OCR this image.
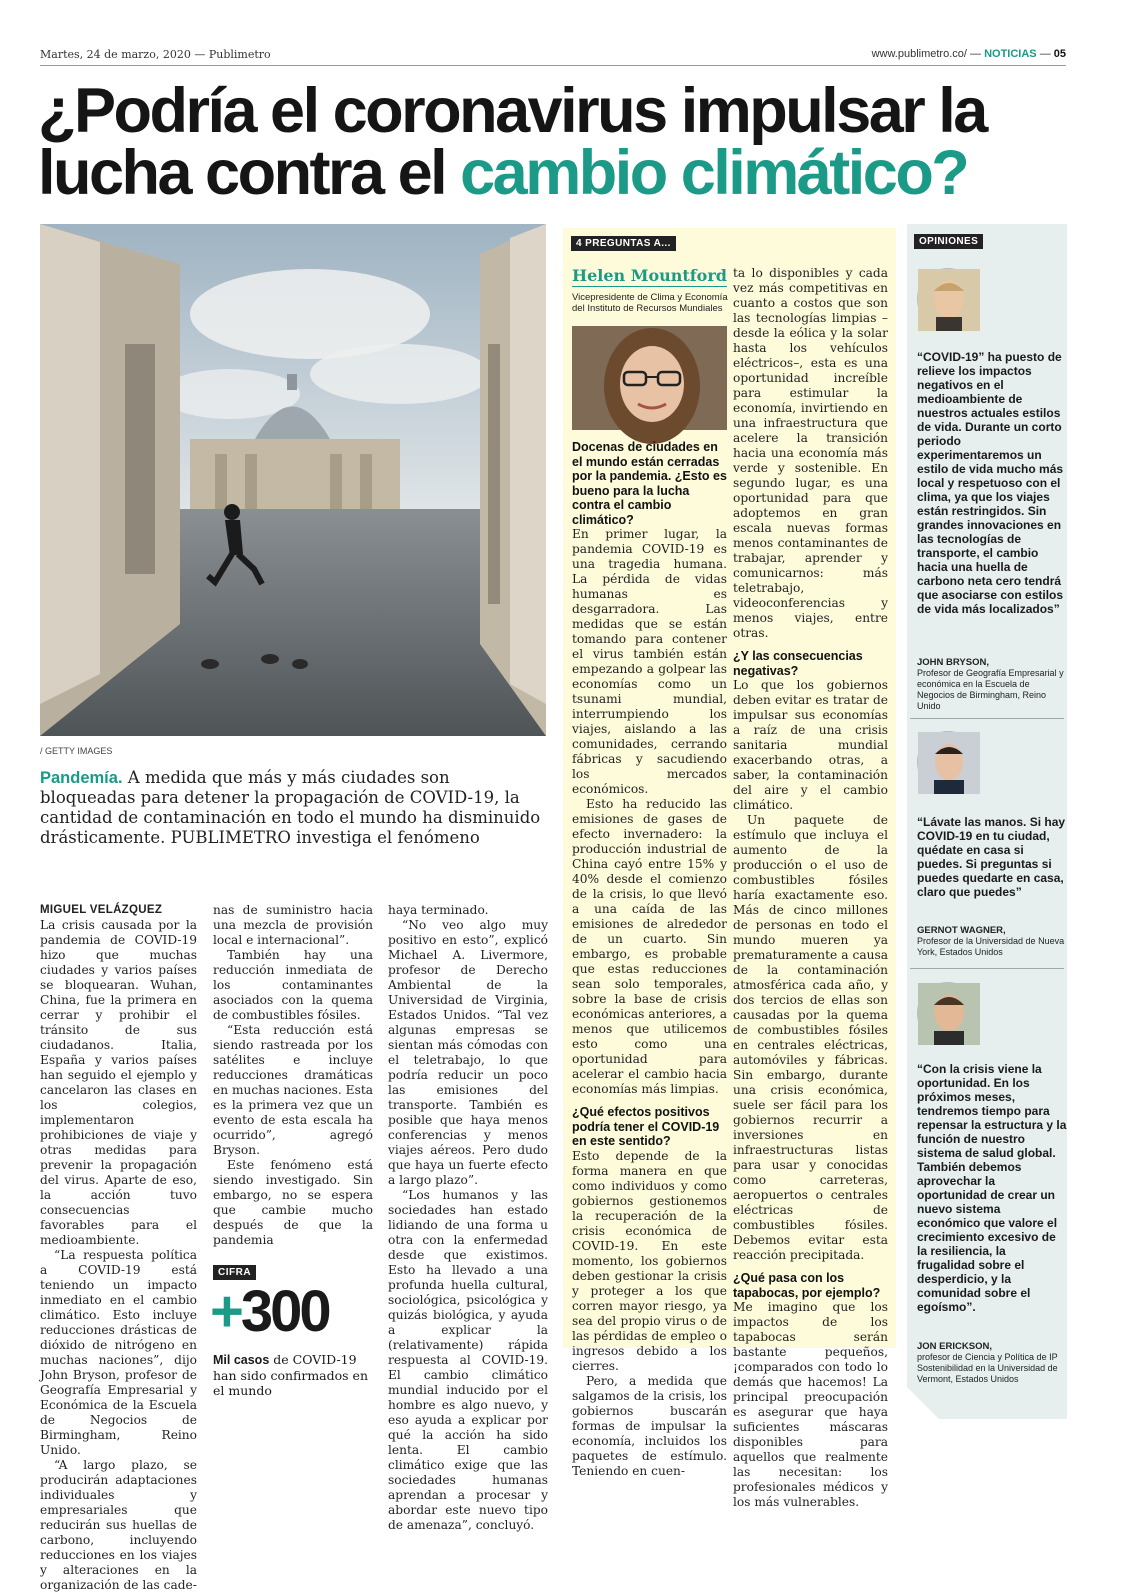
Martes, 24 de marzo, 2020 — Publimetro	www.publimetro.co/ — NOTICIAS — 05
¿Podría el coronavirus impulsar la lucha contra el cambio climático?
/ GETTY IMAGES

Pandemía. A medida que más y más ciudades son bloqueadas para detener la propagación de COVID-19, la cantidad de contaminación en todo el mundo ha disminuido drásticamente. PUBLIMETRO investiga el fenómeno

MIGUEL VELÁZQUEZ

La crisis causada por la pandemia de COVID-19 hizo que muchas ciudades y varios países se bloquearan. Wuhan, China, fue la primera en cerrar y prohibir el tránsito de sus ciudadanos. Italia, España y varios países han seguido el ejemplo y cancelaron las clases en los colegios, implementaron prohibiciones de viaje y otras medidas para prevenir la propagación del virus. Aparte de eso, la acción tuvo consecuencias favorables para el medioambiente.

“La respuesta política a COVID-19 está teniendo un impacto inmediato en el cambio climático. Esto incluye reducciones drásticas de dióxido de nitrógeno en muchas naciones”, dijo John Bryson, profesor de Geografía Empresarial y Económica de la Escuela de Negocios de Birmingham, Reino Unido.

“A largo plazo, se producirán adaptaciones individuales y empresariales que reducirán sus huellas de carbono, incluyendo reducciones en los viajes y alteraciones en la organización de las cade-

nas de suministro hacia una mezcla de provisión local e internacional”.

También hay una reducción inmediata de los contaminantes asociados con la quema de combustibles fósiles.

“Esta reducción está siendo rastreada por los satélites e incluye reducciones dramáticas en muchas naciones. Esta es la primera vez que un evento de esta escala ha ocurrido”, agregó Bryson.

Este fenómeno está siendo investigado. Sin embargo, no se espera que cambie mucho después de que la pandemia

CIFRA
+300

Mil casos de COVID-19 han sido confirmados en el mundo

haya terminado.

“No veo algo muy positivo en esto”, explicó Michael A. Livermore, profesor de Derecho Ambiental de la Universidad de Virginia, Estados Unidos. “Tal vez algunas empresas se sientan más cómodas con el teletrabajo, lo que podría reducir un poco las emisiones del transporte. También es posible que haya menos conferencias y menos viajes aéreos. Pero dudo que haya un fuerte efecto a largo plazo”.

“Los humanos y las sociedades han estado lidiando de una forma u otra con la enfermedad desde que existimos. Esto ha llevado a una profunda huella cultural, sociológica, psicológica y quizás biológica, y ayuda a explicar la (relativamente) rápida respuesta al COVID-19. El cambio climático mundial inducido por el hombre es algo nuevo, y eso ayuda a explicar por qué la acción ha sido lenta. El cambio climático exige que las sociedades humanas aprendan a procesar y abordar este nuevo tipo de amenaza”, concluyó.

4 PREGUNTAS A...
Helen Mountford
Vicepresidente de Clima y Economía del Instituto de Recursos Mundiales

Docenas de ciudades en el mundo están cerradas por la pandemia. ¿Esto es bueno para la lucha contra el cambio climático?

En primer lugar, la pandemia COVID-19 es una tragedia humana. La pérdida de vidas humanas es desgarradora. Las medidas que se están tomando para contener el virus también están empezando a golpear las economías como un tsunami mundial, interrumpiendo los viajes, aislando a las comunidades, cerrando fábricas y sacudiendo los mercados económicos.

Esto ha reducido las emisiones de gases de efecto invernadero: la producción industrial de China cayó entre 15% y 40% desde el comienzo de la crisis, lo que llevó a una caída de las emisiones de alrededor de un cuarto. Sin embargo, es probable que estas reducciones sean solo temporales, sobre la base de crisis económicas anteriores, a menos que utilicemos esto como una oportunidad para acelerar el cambio hacia economías más limpias.

¿Qué efectos positivos podría tener el COVID-19 en este sentido?

Esto depende de la forma manera en que como individuos y como gobiernos gestionemos la recuperación de la crisis económica de COVID-19. En este momento, los gobiernos deben gestionar la crisis y proteger a los que corren mayor riesgo, ya sea del propio virus o de las pérdidas de empleo o ingresos debido a los cierres.

Pero, a medida que salgamos de la crisis, los gobiernos buscarán formas de impulsar la economía, incluidos los paquetes de estímulo. Teniendo en cuen-

ta lo disponibles y cada vez más competitivas en cuanto a costos que son las tecnologías limpias –desde la eólica y la solar hasta los vehículos eléctricos–, esta es una oportunidad increíble para estimular la economía, invirtiendo en una infraestructura que acelere la transición hacia una economía más verde y sostenible. En segundo lugar, es una oportunidad para que adoptemos en gran escala nuevas formas menos contaminantes de trabajar, aprender y comunicarnos: más teletrabajo, videoconferencias y menos viajes, entre otras.

¿Y las consecuencias negativas?

Lo que los gobiernos deben evitar es tratar de impulsar sus economías a raíz de una crisis sanitaria mundial exacerbando otras, a saber, la contaminación del aire y el cambio climático.

Un paquete de estímulo que incluya el aumento de la producción o el uso de combustibles fósiles haría exactamente eso. Más de cinco millones de personas en todo el mundo mueren ya prematuramente a causa de la contaminación atmosférica cada año, y dos tercios de ellas son causadas por la quema de combustibles fósiles en centrales eléctricas, automóviles y fábricas. Sin embargo, durante una crisis económica, suele ser fácil para los gobiernos recurrir a inversiones en infraestructuras listas para usar y conocidas como carreteras, aeropuertos o centrales eléctricas de combustibles fósiles. Debemos evitar esta reacción precipitada.

¿Qué pasa con los tapabocas, por ejemplo?

Me imagino que los impactos de los tapabocas serán bastante pequeños, ¡comparados con todo lo demás que hacemos! La principal preocupación es asegurar que haya suficientes máscaras disponibles para aquellos que realmente las necesitan: los profesionales médicos y los más vulnerables.

OPINIONES

“COVID-19” ha puesto de relieve los impactos negativos en el medioambiente de nuestros actuales estilos de vida. Durante un corto periodo experimentaremos un estilo de vida mucho más local y respetuoso con el clima, ya que los viajes están restringidos. Sin grandes innovaciones en las tecnologías de transporte, el cambio hacia una huella de carbono neta cero tendrá que asociarse con estilos de vida más localizados”

JOHN BRYSON,
Profesor de Geografía Empresarial y económica en la Escuela de Negocios de Birmingham, Reino Unido

“Lávate las manos. Si hay COVID-19 en tu ciudad, quédate en casa si puedes. Si preguntas si puedes quedarte en casa, claro que puedes”

GERNOT WAGNER,
Profesor de la Universidad de Nueva York, Estados Unidos

“Con la crisis viene la oportunidad. En los próximos meses, tendremos tiempo para repensar la estructura y la función de nuestro sistema de salud global. También debemos aprovechar la oportunidad de crear un nuevo sistema económico que valore el crecimiento excesivo de la resiliencia, la frugalidad sobre el desperdicio, y la comunidad sobre el egoísmo”.

JON ERICKSON,
profesor de Ciencia y Política de IP Sostenibilidad en la Universidad de Vermont, Estados Unidos
